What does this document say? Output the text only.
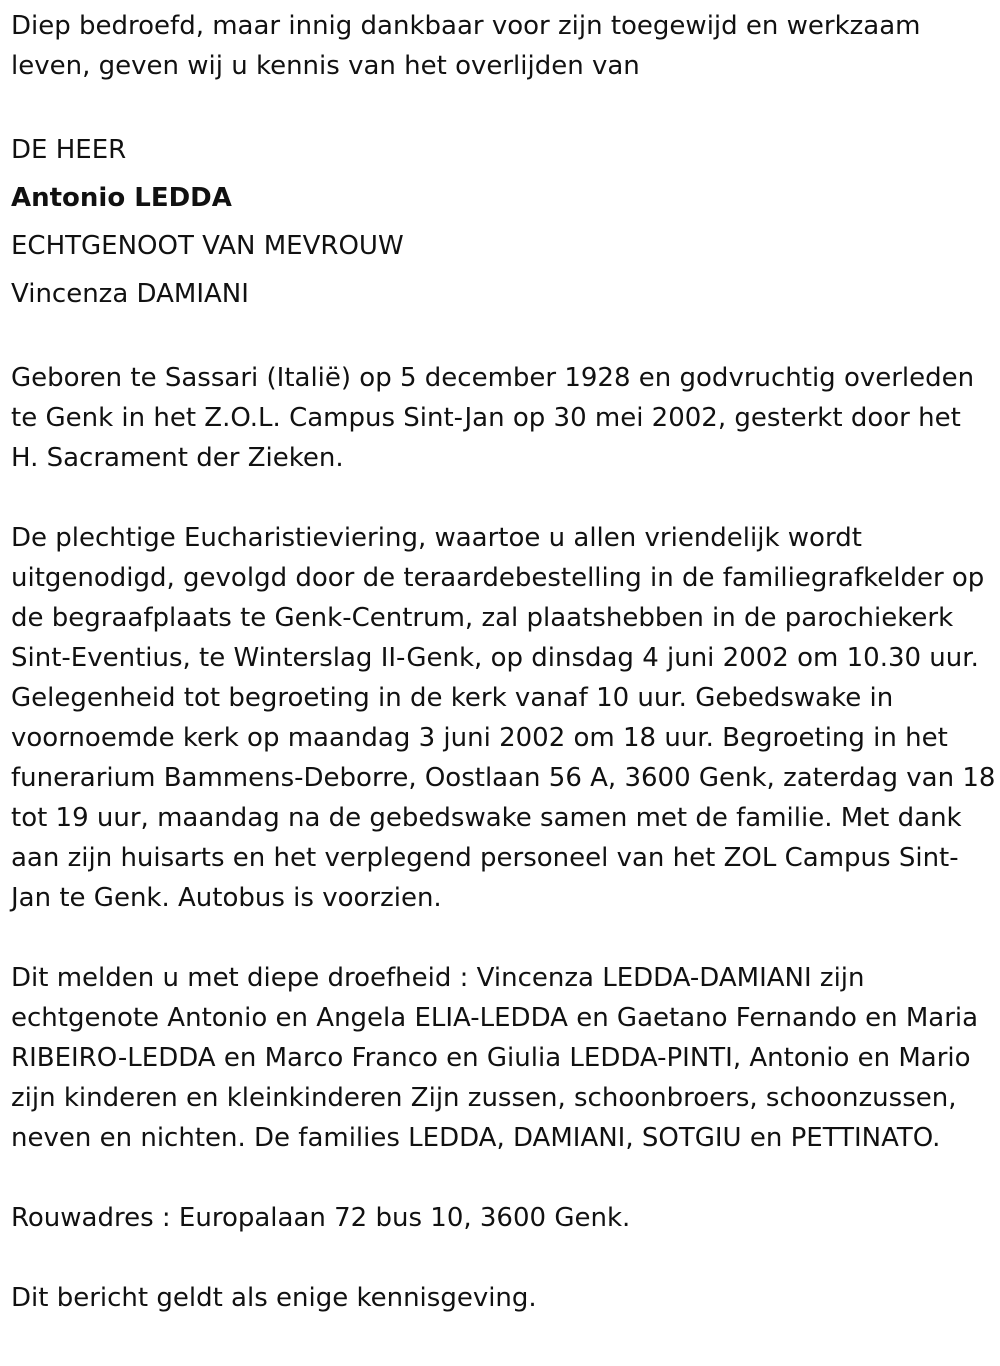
Diep bedroefd, maar innig dankbaar voor zijn toegewijd en werkzaam leven, geven wij u kennis van het overlijden van

DE HEER

Antonio LEDDA

ECHTGENOOT VAN MEVROUW

Vincenza DAMIANI

Geboren te Sassari (Italië) op 5 december 1928 en godvruchtig overleden te Genk in het Z.O.L. Campus Sint-Jan op 30 mei 2002, gesterkt door het H. Sacrament der Zieken.

De plechtige Eucharistieviering, waartoe u allen vriendelijk wordt uitgenodigd, gevolgd door de teraardebestelling in de familiegrafkelder op de begraafplaats te Genk-Centrum, zal plaatshebben in de parochiekerk Sint-Eventius, te Winterslag II-Genk, op dinsdag 4 juni 2002 om 10.30 uur. Gelegenheid tot begroeting in de kerk vanaf 10 uur. Gebedswake in voornoemde kerk op maandag 3 juni 2002 om 18 uur. Begroeting in het funerarium Bammens-Deborre, Oostlaan 56 A, 3600 Genk, zaterdag van 18 tot 19 uur, maandag na de gebedswake samen met de familie. Met dank aan zijn huisarts en het verplegend personeel van het ZOL Campus Sint-Jan te Genk. Autobus is voorzien.

Dit melden u met diepe droefheid : Vincenza LEDDA-DAMIANI zijn echtgenote Antonio en Angela ELIA-LEDDA en Gaetano Fernando en Maria RIBEIRO-LEDDA en Marco Franco en Giulia LEDDA-PINTI, Antonio en Mario zijn kinderen en kleinkinderen Zijn zussen, schoonbroers, schoonzussen, neven en nichten. De families LEDDA, DAMIANI, SOTGIU en PETTINATO.

Rouwadres : Europalaan 72 bus 10, 3600 Genk.

Dit bericht geldt als enige kennisgeving.
